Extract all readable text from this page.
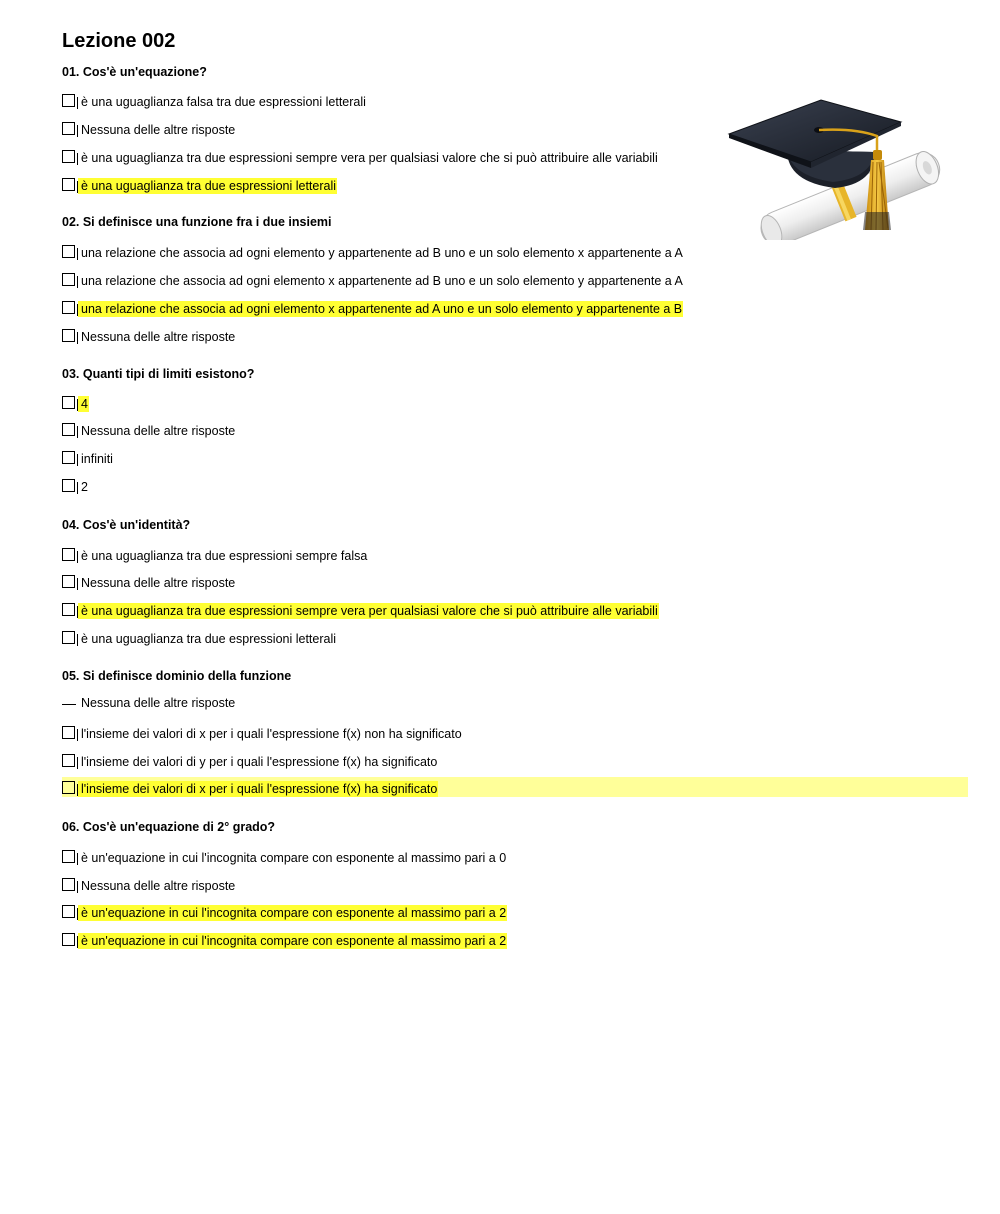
Lezione 002

01. Cos'è un'equazione?

è una uguaglianza falsa tra due espressioni letterali
Nessuna delle altre risposte
è una uguaglianza tra due espressioni sempre vera per qualsiasi valore che si può attribuire alle variabili
è una uguaglianza tra due espressioni letterali

02. Si definisce una funzione fra i due insiemi

una relazione che associa ad ogni elemento y appartenente ad B uno e un solo elemento x appartenente a A
una relazione che associa ad ogni elemento x appartenente ad B uno e un solo elemento y appartenente a A
una relazione che associa ad ogni elemento x appartenente ad A uno e un solo elemento y appartenente a B
Nessuna delle altre risposte

03. Quanti tipi di limiti esistono?

4
Nessuna delle altre risposte
infiniti
2

04. Cos'è un'identità?

è una uguaglianza tra due espressioni sempre falsa
Nessuna delle altre risposte
è una uguaglianza tra due espressioni sempre vera per qualsiasi valore che si può attribuire alle variabili
è una uguaglianza tra due espressioni letterali

05. Si definisce dominio della funzione

Nessuna delle altre risposte
l'insieme dei valori di x per i quali l'espressione f(x) non ha significato
l'insieme dei valori di y per i quali l'espressione f(x) ha significato
l'insieme dei valori di x per i quali l'espressione f(x) ha significato

06. Cos'è un'equazione di 2° grado?

è un'equazione in cui l'incognita compare con esponente al massimo pari a 0
Nessuna delle altre risposte
è un'equazione in cui l'incognita compare con esponente al massimo pari a 2
è un'equazione in cui l'incognita compare con esponente al massimo pari a 2
